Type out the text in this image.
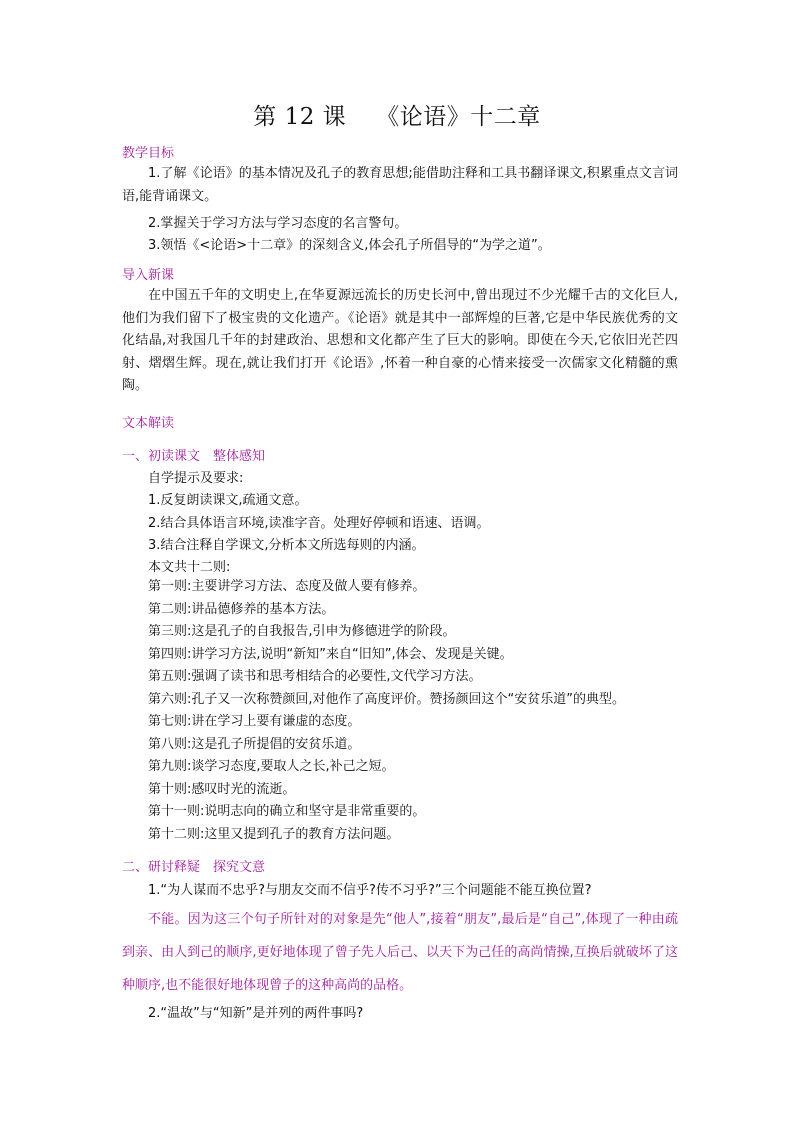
第 12 课 《论语》十二章
教学目标

1.了解《论语》的基本情况及孔子的教育思想;能借助注释和工具书翻译课文,积累重点文言词语,能背诵课文。

2.掌握关于学习方法与学习态度的名言警句。

3.领悟《<论语>十二章》的深刻含义,体会孔子所倡导的“为学之道”。

导入新课

在中国五千年的文明史上,在华夏源远流长的历史长河中,曾出现过不少光耀千古的文化巨人,他们为我们留下了极宝贵的文化遗产。《论语》就是其中一部辉煌的巨著,它是中华民族优秀的文化结晶,对我国几千年的封建政治、思想和文化都产生了巨大的影响。即使在今天,它依旧光芒四射、熠熠生辉。现在,就让我们打开《论语》,怀着一种自豪的心情来接受一次儒家文化精髓的熏陶。

文本解读
一、初读课文　整体感知

自学提示及要求:

1.反复朗读课文,疏通文意。

2.结合具体语言环境,读准字音。处理好停顿和语速、语调。

3.结合注释自学课文,分析本文所选每则的内涵。

本文共十二则:

第一则:主要讲学习方法、态度及做人要有修养。
第二则:讲品德修养的基本方法。
第三则:这是孔子的自我报告,引申为修德进学的阶段。
第四则:讲学习方法,说明“新知”来自“旧知”,体会、发现是关键。
第五则:强调了读书和思考相结合的必要性,文代学习方法。
第六则:孔子又一次称赞颜回,对他作了高度评价。赞扬颜回这个“安贫乐道”的典型。
第七则:讲在学习上要有谦虚的态度。
第八则:这是孔子所提倡的安贫乐道。
第九则:谈学习态度,要取人之长,补己之短。
第十则:感叹时光的流逝。
第十一则:说明志向的确立和坚守是非常重要的。
第十二则:这里又提到孔子的教育方法问题。
二、研讨释疑　探究文意

1.“为人谋而不忠乎?与朋友交而不信乎?传不习乎?”三个问题能不能互换位置?

不能。因为这三个句子所针对的对象是先“他人”,接着“朋友”,最后是“自己”,体现了一种由疏到亲、由人到己的顺序,更好地体现了曾子先人后己、以天下为己任的高尚情操,互换后就破坏了这种顺序,也不能很好地体现曾子的这种高尚的品格。

2.“温故”与“知新”是并列的两件事吗?
